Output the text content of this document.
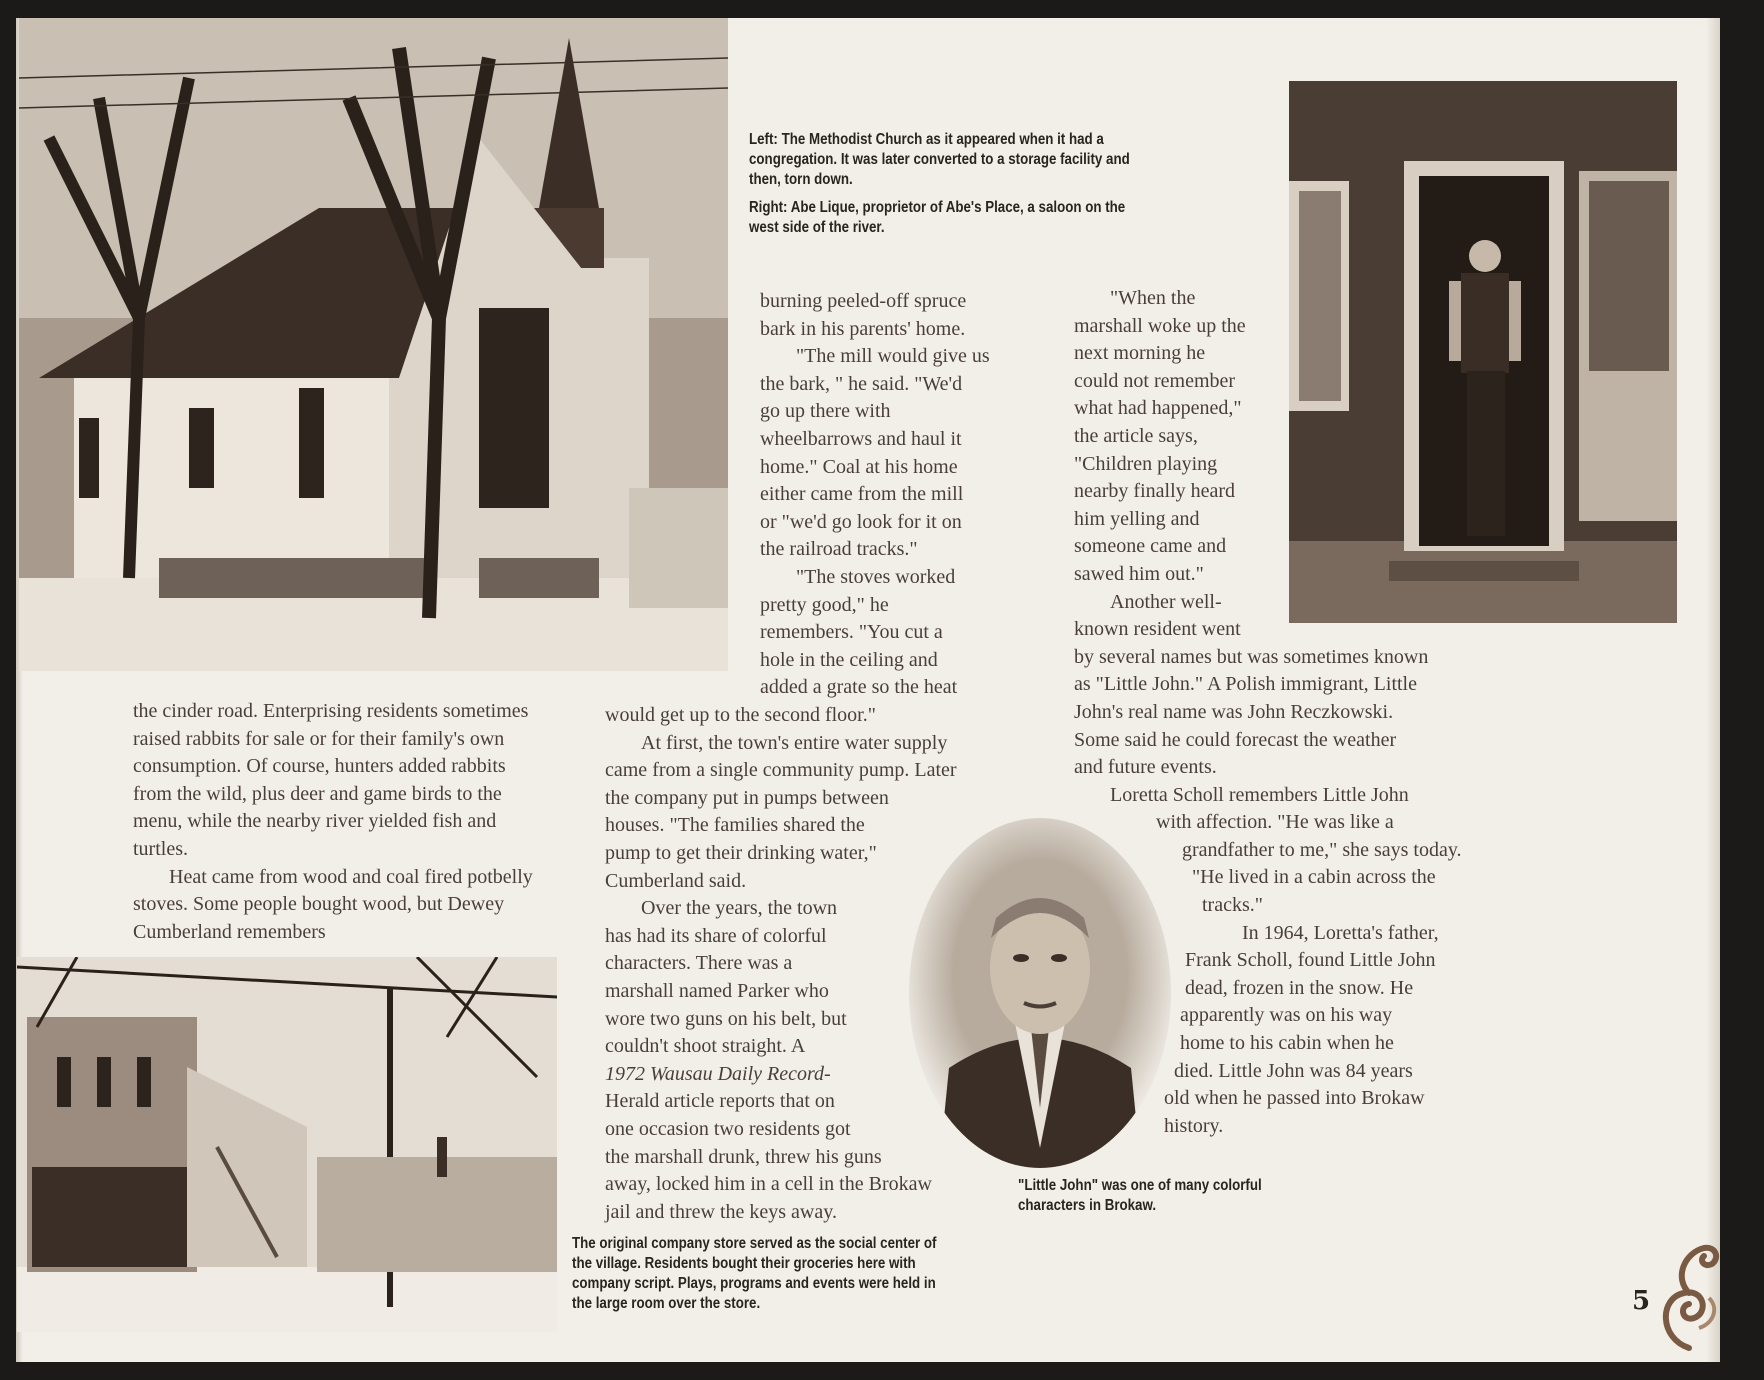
Left: The Methodist Church as it appeared when it had a congregation. It was later converted to a storage facility and then, torn down.

Right: Abe Lique, proprietor of Abe's Place, a saloon on the west side of the river.

the cinder road. Enterprising residents sometimes raised rabbits for sale or for their family's own consumption. Of course, hunters added rabbits from the wild, plus deer and game birds to the menu, while the nearby river yielded fish and turtles.

Heat came from wood and coal fired potbelly stoves. Some people bought wood, but Dewey Cumberland remembers

burning peeled-off spruce

bark in his parents' home.

"The mill would give us

the bark, " he said. "We'd

go up there with

wheelbarrows and haul it

home." Coal at his home

either came from the mill

or "we'd go look for it on

the railroad tracks."

"The stoves worked

pretty good," he

remembers. "You cut a

hole in the ceiling and

added a grate so the heat

would get up to the second floor."

At first, the town's entire water supply

came from a single community pump. Later

the company put in pumps between

houses. "The families shared the

pump to get their drinking water,"

Cumberland said.

Over the years, the town

has had its share of colorful

characters. There was a

marshall named Parker who

wore two guns on his belt, but

couldn't shoot straight. A

1972 Wausau Daily Record-

Herald article reports that on

one occasion two residents got

the marshall drunk, threw his guns

away, locked him in a cell in the Brokaw

jail and threw the keys away.

The original company store served as the social center of the village. Residents bought their groceries here with company script. Plays, programs and events were held in the large room over the store.

"When the

marshall woke up the

next morning he

could not remember

what had happened,"

the article says,

"Children playing

nearby finally heard

him yelling and

someone came and

sawed him out."

Another well-

known resident went

by several names but was sometimes known

as "Little John." A Polish immigrant, Little

John's real name was John Reczkowski.

Some said he could forecast the weather

and future events.

Loretta Scholl remembers Little John

with affection. "He was like a

grandfather to me," she says today.

"He lived in a cabin across the

tracks."

In 1964, Loretta's father,

Frank Scholl, found Little John

dead, frozen in the snow. He

apparently was on his way

home to his cabin when he

died. Little John was 84 years

old when he passed into Brokaw

history.

"Little John" was one of many colorful characters in Brokaw.

5
